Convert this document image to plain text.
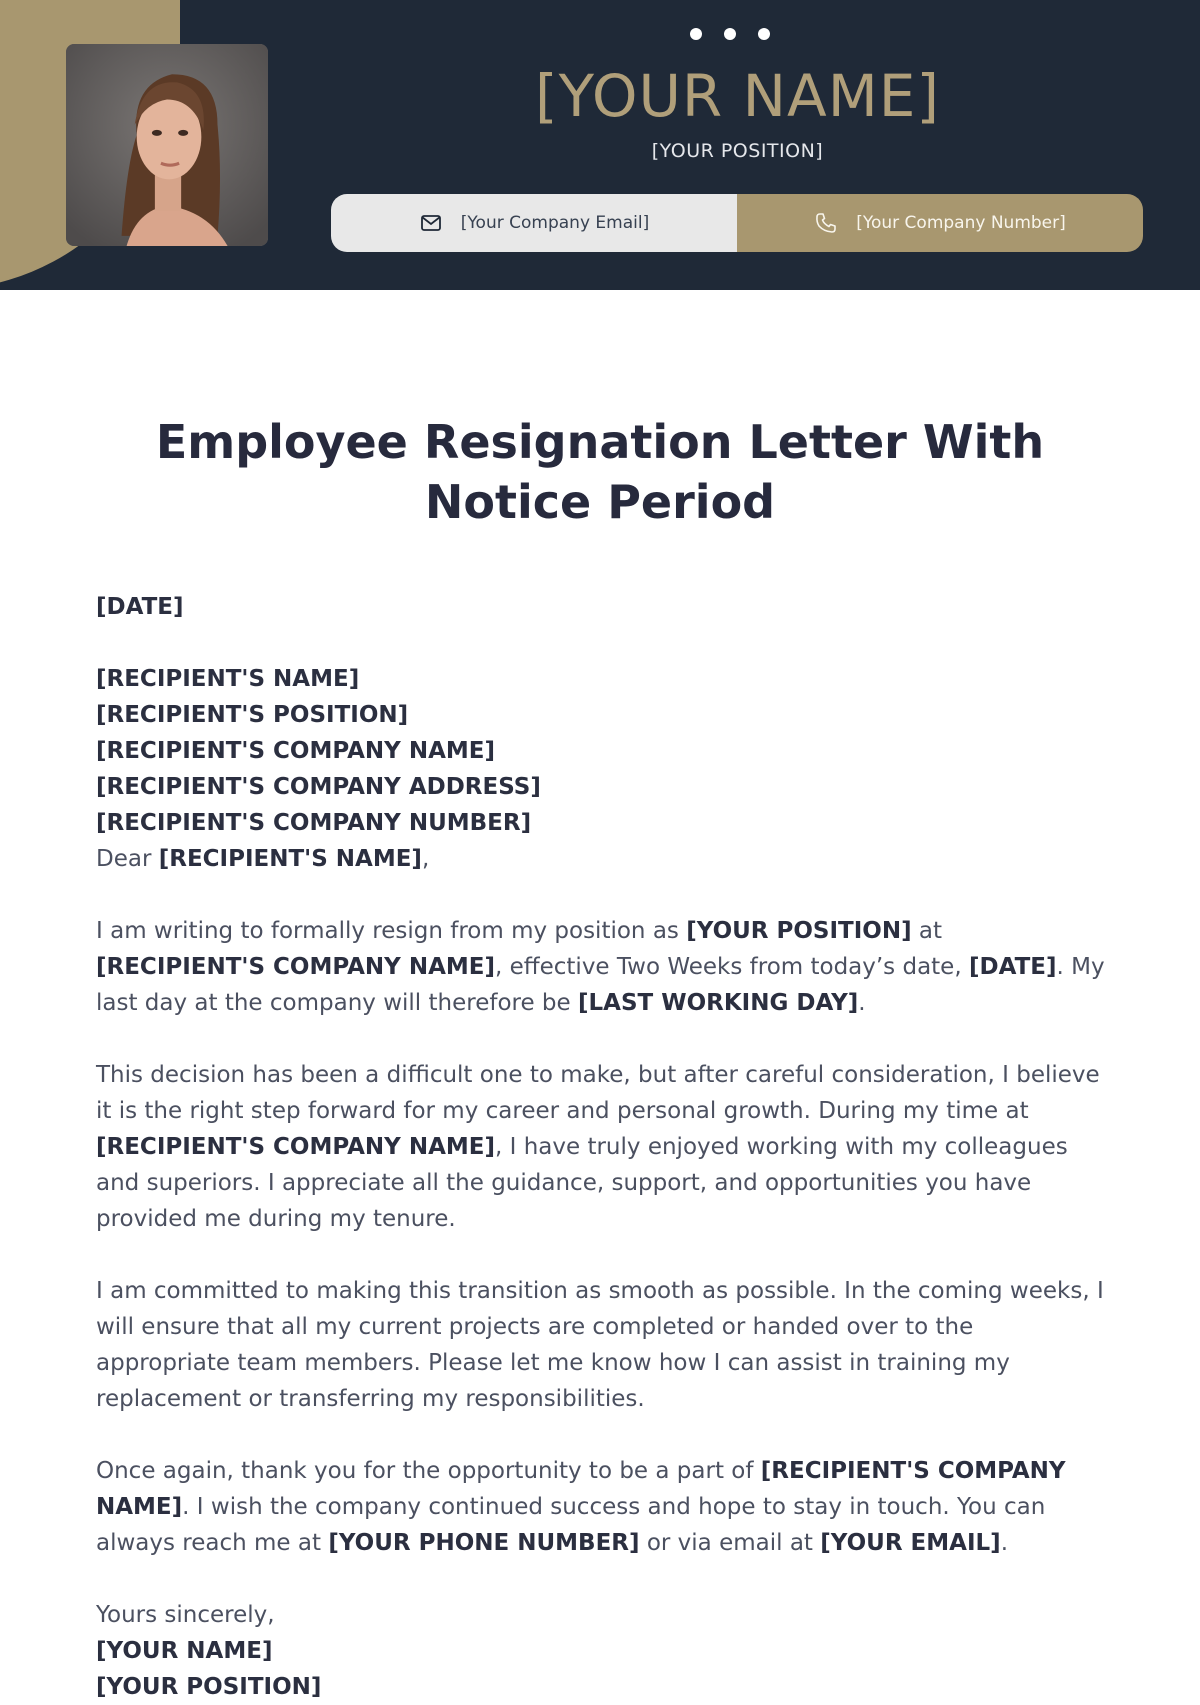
[YOUR NAME]
[YOUR POSITION]
[Your Company Email]	[Your Company Number]
Employee Resignation Letter With Notice Period
[DATE]
[RECIPIENT'S NAME]
[RECIPIENT'S POSITION]
[RECIPIENT'S COMPANY NAME]
[RECIPIENT'S COMPANY ADDRESS]
[RECIPIENT'S COMPANY NUMBER]

Dear [RECIPIENT'S NAME],

I am writing to formally resign from my position as [YOUR POSITION] at [RECIPIENT'S COMPANY NAME], effective Two Weeks from today’s date, [DATE]. My last day at the company will therefore be [LAST WORKING DAY].

This decision has been a difficult one to make, but after careful consideration, I believe it is the right step forward for my career and personal growth. During my time at [RECIPIENT'S COMPANY NAME], I have truly enjoyed working with my colleagues and superiors. I appreciate all the guidance, support, and opportunities you have provided me during my tenure.

I am committed to making this transition as smooth as possible. In the coming weeks, I will ensure that all my current projects are completed or handed over to the appropriate team members. Please let me know how I can assist in training my replacement or transferring my responsibilities.

Once again, thank you for the opportunity to be a part of [RECIPIENT'S COMPANY NAME]. I wish the company continued success and hope to stay in touch. You can always reach me at [YOUR PHONE NUMBER] or via email at [YOUR EMAIL].

Yours sincerely,
[YOUR NAME]
[YOUR POSITION]
